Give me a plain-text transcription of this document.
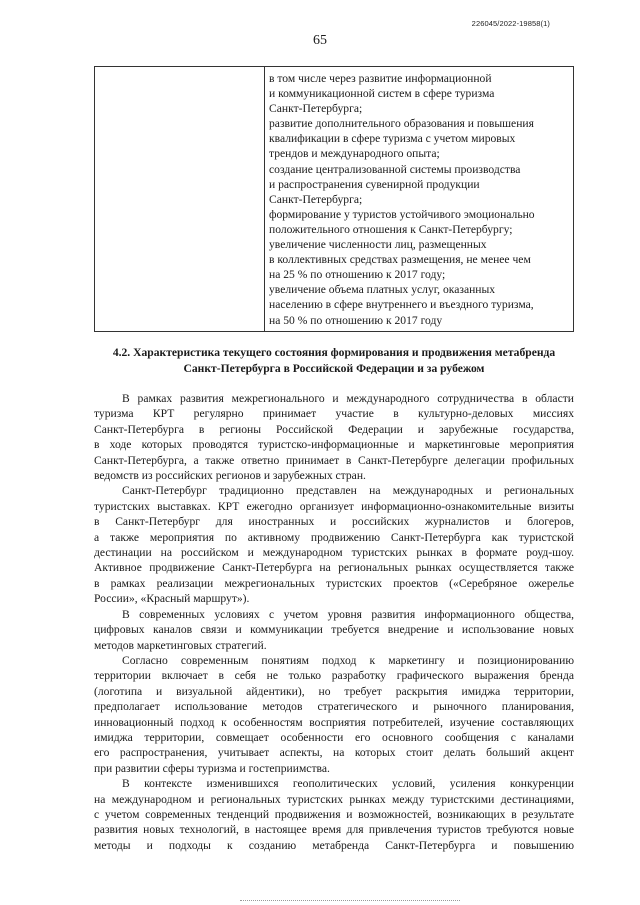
226045/2022-19858(1)
65
в том числе через развитие информационной
и коммуникационной систем в сфере туризма
Санкт-Петербурга;
развитие дополнительного образования и повышения
квалификации в сфере туризма с учетом мировых
трендов и международного опыта;
создание централизованной системы производства
и распространения сувенирной продукции
Санкт-Петербурга;
формирование у туристов устойчивого эмоционально
положительного отношения к Санкт-Петербургу;
увеличение численности лиц, размещенных
в коллективных средствах размещения, не менее чем
на 25 % по отношению к 2017 году;
увеличение объема платных услуг, оказанных
населению в сфере внутреннего и въездного туризма,
на 50 % по отношению к 2017 году
4.2. Характеристика текущего состояния формирования и продвижения метабренда
Санкт-Петербурга в Российской Федерации и за рубежом
В рамках развития межрегионального и международного сотрудничества в области
туризма КРТ регулярно принимает участие в культурно-деловых миссиях
Санкт-Петербурга в регионы Российской Федерации и зарубежные государства,
в ходе которых проводятся туристско-информационные и маркетинговые мероприятия
Санкт-Петербурга, а также ответно принимает в Санкт-Петербурге делегации профильных
ведомств из российских регионов и зарубежных стран.
Санкт-Петербург традиционно представлен на международных и региональных
туристских выставках. КРТ ежегодно организует информационно-ознакомительные визиты
в Санкт-Петербург для иностранных и российских журналистов и блогеров,
а также мероприятия по активному продвижению Санкт-Петербурга как туристской
дестинации на российском и международном туристских рынках в формате роуд-шоу.
Активное продвижение Санкт-Петербурга на региональных рынках осуществляется также
в рамках реализации межрегиональных туристских проектов («Серебряное ожерелье
России», «Красный маршрут»).
В современных условиях с учетом уровня развития информационного общества,
цифровых каналов связи и коммуникации требуется внедрение и использование новых
методов маркетинговых стратегий.
Согласно современным понятиям подход к маркетингу и позиционированию
территории включает в себя не только разработку графического выражения бренда
(логотипа и визуальной айдентики), но требует раскрытия имиджа территории,
предполагает использование методов стратегического и рыночного планирования,
инновационный подход к особенностям восприятия потребителей, изучение составляющих
имиджа территории, совмещает особенности его основного сообщения с каналами
его распространения, учитывает аспекты, на которых стоит делать больший акцент
при развитии сферы туризма и гостеприимства.
В контексте изменившихся геополитических условий, усиления конкуренции
на международном и региональных туристских рынках между туристскими дестинациями,
с учетом современных тенденций продвижения и возможностей, возникающих в результате
развития новых технологий, в настоящее время для привлечения туристов требуются новые
методы и подходы к созданию метабренда Санкт-Петербурга и повышению
